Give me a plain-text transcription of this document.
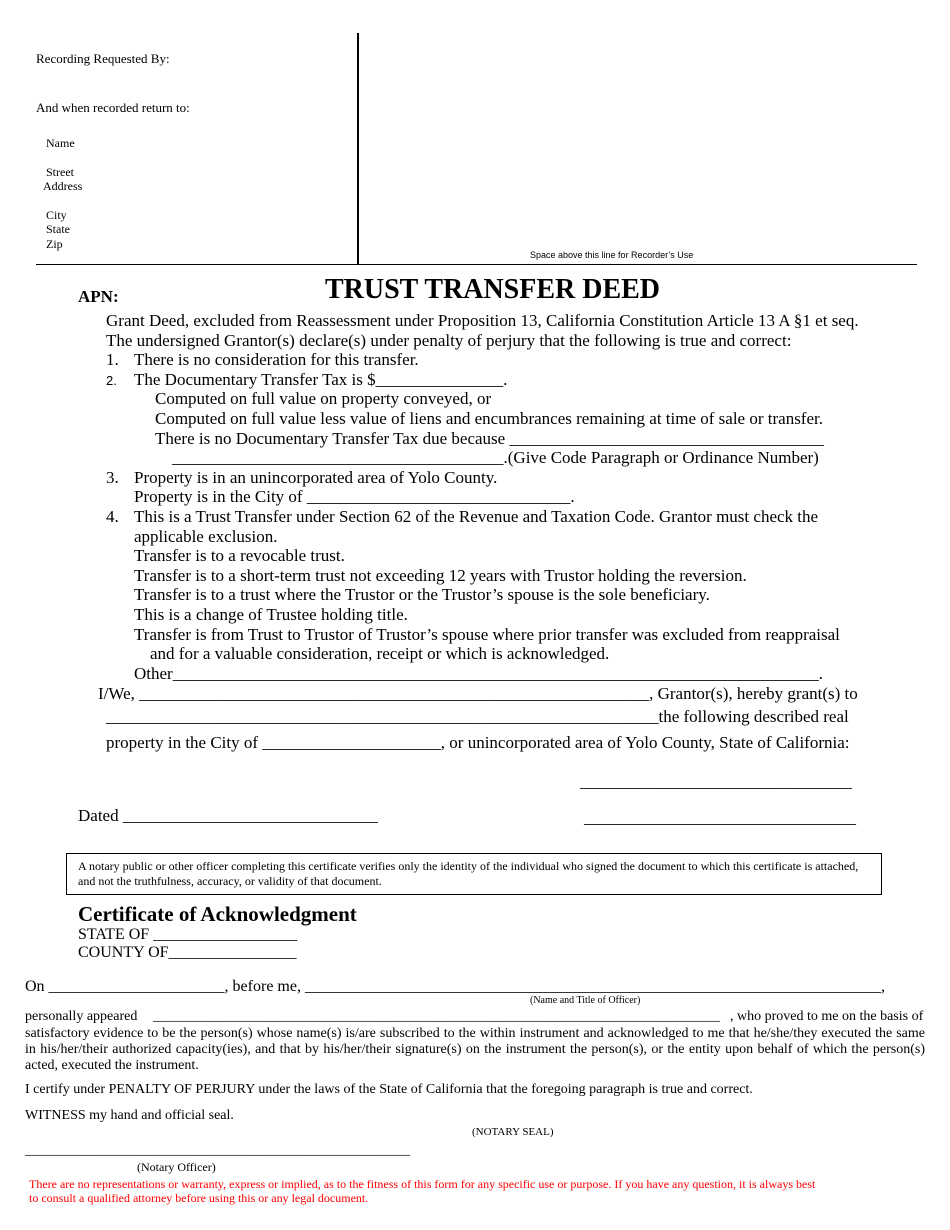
Recording Requested By:
And when recorded return to:
Name
Street
Address
City
State
Zip
Space above this line for Recorder’s Use
APN:	TRUST TRANSFER DEED
Grant Deed, excluded from Reassessment under Proposition 13, California Constitution Article 13 A §1 et seq.
The undersigned Grantor(s) declare(s) under penalty of perjury that the following is true and correct:
1. There is no consideration for this transfer.
2. The Documentary Transfer Tax is $_______________.
Computed on full value on property conveyed, or
Computed on full value less value of liens and encumbrances remaining at time of sale or transfer.
There is no Documentary Transfer Tax due because _____________________________________
_______________________________________.(Give Code Paragraph or Ordinance Number)
3. Property is in an unincorporated area of Yolo County.
Property is in the City of _______________________________.
4. This is a Trust Transfer under Section 62 of the Revenue and Taxation Code. Grantor must check the
applicable exclusion.
Transfer is to a revocable trust.
Transfer is to a short-term trust not exceeding 12 years with Trustor holding the reversion.
Transfer is to a trust where the Trustor or the Trustor’s spouse is the sole beneficiary.
This is a change of Trustee holding title.
Transfer is from Trust to Trustor of Trustor’s spouse where prior transfer was excluded from reappraisal
and for a valuable consideration, receipt or which is acknowledged.
Other____________________________________________________________________________.
I/We, ____________________________________________________________, Grantor(s), hereby grant(s) to
_________________________________________________________________the following described real
property in the City of _____________________, or unincorporated area of Yolo County, State of California:
________________________________
Dated ______________________________	________________________________
A notary public or other officer completing this certificate verifies only the identity of the individual who signed the document to which this certificate is attached, and not the truthfulness, accuracy, or validity of that document.
Certificate of Acknowledgment
STATE OF __________________
COUNTY OF________________
On ______________________, before me, ________________________________________________________________________,
(Name and Title of Officer)
personally appeared _________________________________________________________________________________ , who proved to me on the basis of
satisfactory evidence to be the person(s) whose name(s) is/are subscribed to the within instrument and acknowledged to me that he/she/they executed the same in his/her/their authorized capacity(ies), and that by his/her/their signature(s) on the instrument the person(s), or the entity upon behalf of which the person(s) acted, executed the instrument.
I certify under PENALTY OF PERJURY under the laws of the State of California that the foregoing paragraph is true and correct.
WITNESS my hand and official seal.
(NOTARY SEAL)
_______________________________________________________
(Notary Officer)
There are no representations or warranty, express or implied, as to the fitness of this form for any specific use or purpose. If you have any question, it is always best
to consult a qualified attorney before using this or any legal document.
